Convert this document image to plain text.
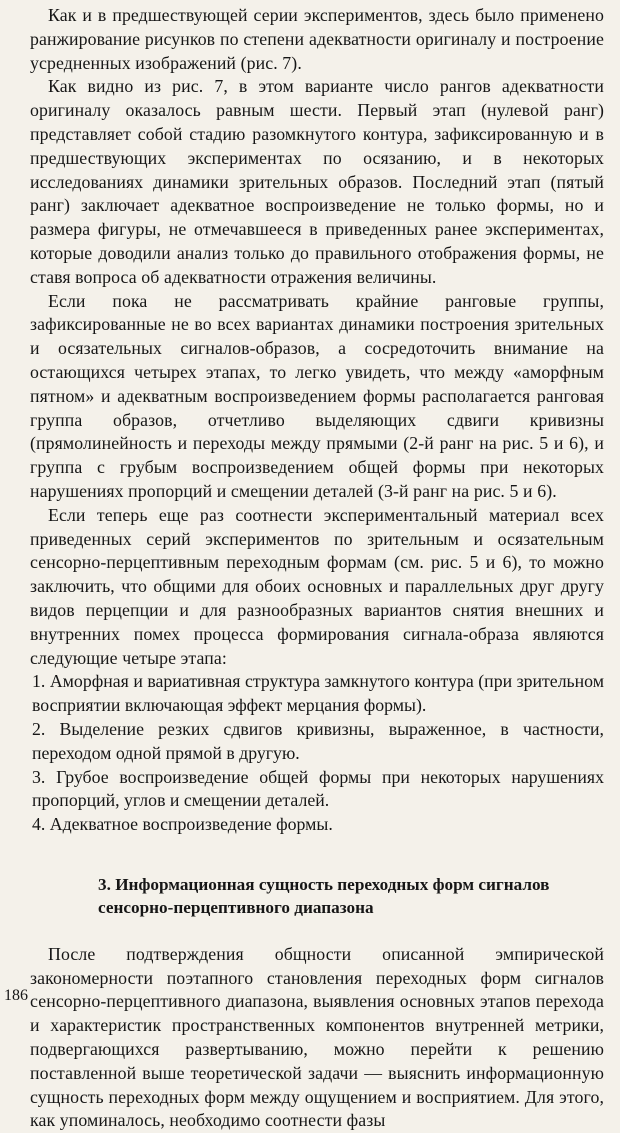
Как и в предшествующей серии экспериментов, здесь было применено ранжирование рисунков по степени адекватности оригиналу и построение усредненных изображений (рис. 7).

Как видно из рис. 7, в этом варианте число рангов адекватности оригиналу оказалось равным шести. Первый этап (нулевой ранг) представляет собой стадию разомкнутого контура, зафиксированную и в предшествующих экспериментах по осязанию, и в некоторых исследованиях динамики зрительных образов. Последний этап (пятый ранг) заключает адекватное воспроизведение не только формы, но и размера фигуры, не отмечавшееся в приведенных ранее экспериментах, которые доводили анализ только до правильного отображения формы, не ставя вопроса об адекватности отражения величины.

Если пока не рассматривать крайние ранговые группы, зафиксированные не во всех вариантах динамики построения зрительных и осязательных сигналов-образов, а сосредоточить внимание на остающихся четырех этапах, то легко увидеть, что между «аморфным пятном» и адекватным воспроизведением формы располагается ранговая группа образов, отчетливо выделяющих сдвиги кривизны (прямолинейность и переходы между прямыми (2-й ранг на рис. 5 и 6), и группа с грубым воспроизведением общей формы при некоторых нарушениях пропорций и смещении деталей (3-й ранг на рис. 5 и 6).

Если теперь еще раз соотнести экспериментальный материал всех приведенных серий экспериментов по зрительным и осязательным сенсорно-перцептивным переходным формам (см. рис. 5 и 6), то можно заключить, что общими для обоих основных и параллельных друг другу видов перцепции и для разнообразных вариантов снятия внешних и внутренних помех процесса формирования сигнала-образа являются следующие четыре этапа:

1. Аморфная и вариативная структура замкнутого контура (при зрительном восприятии включающая эффект мерцания формы).

2. Выделение резких сдвигов кривизны, выраженное, в частности, переходом одной прямой в другую.

3. Грубое воспроизведение общей формы при некоторых нарушениях пропорций, углов и смещении деталей.

4. Адекватное воспроизведение формы.

3. Информационная сущность переходных форм сигналов сенсорно-перцептивного диапазона

После подтверждения общности описанной эмпирической закономерности поэтапного становления переходных форм сигналов сенсорно-перцептивного диапазона, выявления основных этапов перехода и характеристик пространственных компонентов внутренней метрики, подвергающихся развертыванию, можно перейти к решению поставленной выше теоретической задачи — выяснить информационную сущность переходных форм между ощущением и восприятием. Для этого, как упоминалось, необходимо соотнести фазы

186
